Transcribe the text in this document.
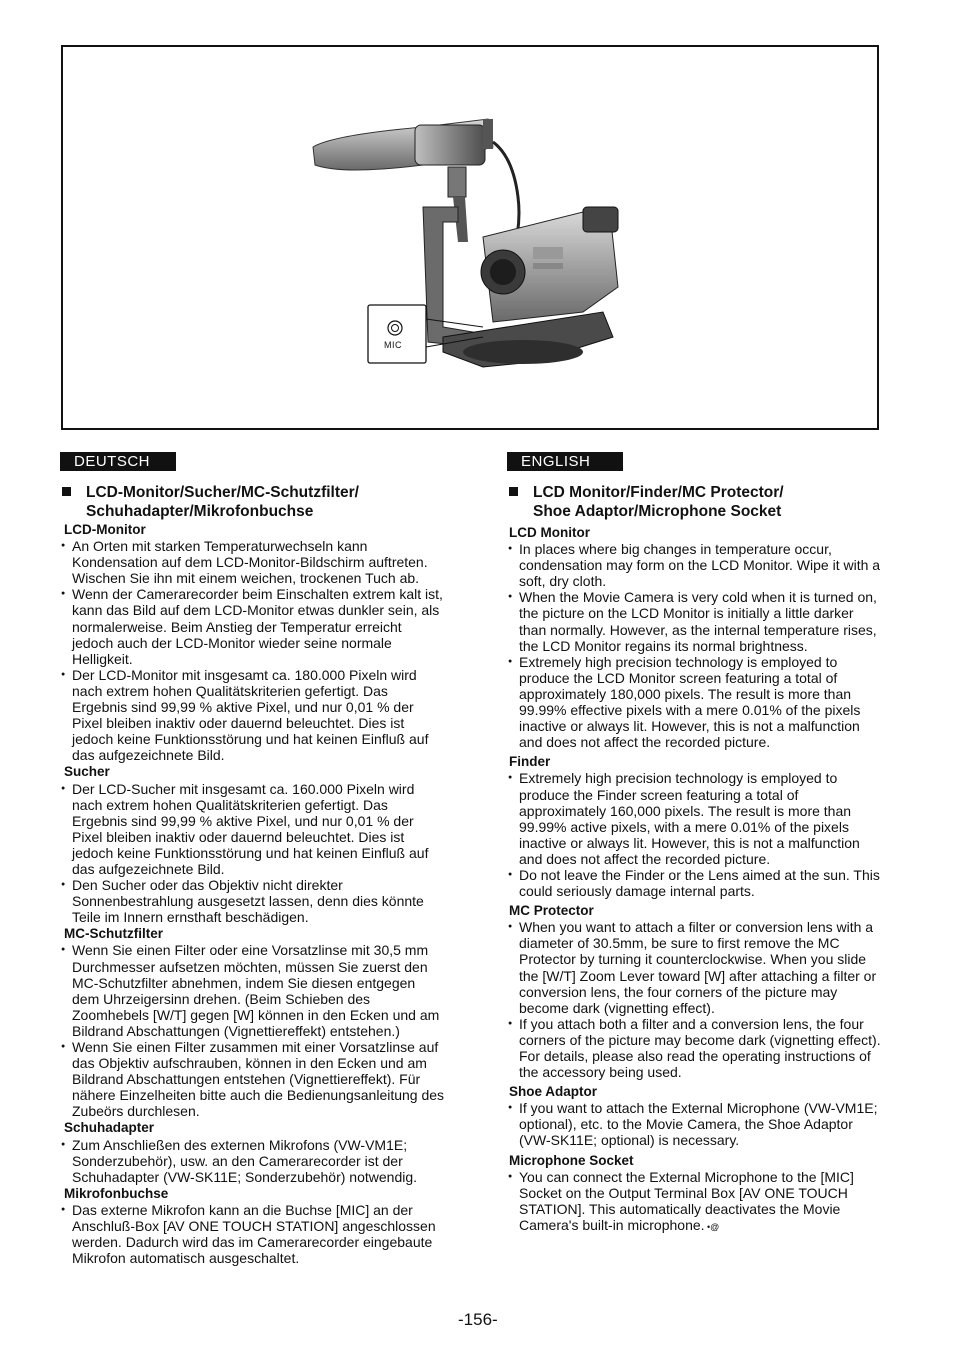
MIC
DEUTSCH
LCD-Monitor/Sucher/MC-Schutzfilter/
Schuhadapter/Mikrofonbuchse
LCD-Monitor
● An Orten mit starken Temperaturwechseln kann Kondensation auf dem LCD-Monitor-Bildschirm auftreten. Wischen Sie ihn mit einem weichen, trockenen Tuch ab.
● Wenn der Camerarecorder beim Einschalten extrem kalt ist, kann das Bild auf dem LCD-Monitor etwas dunkler sein, als normalerweise. Beim Anstieg der Temperatur erreicht jedoch auch der LCD-Monitor wieder seine normale Helligkeit.
● Der LCD-Monitor mit insgesamt ca. 180.000 Pixeln wird nach extrem hohen Qualitätskriterien gefertigt. Das Ergebnis sind 99,99 % aktive Pixel, und nur 0,01 % der Pixel bleiben inaktiv oder dauernd beleuchtet. Dies ist jedoch keine Funktionsstörung und hat keinen Einfluß auf das aufgezeichnete Bild.
Sucher
● Der LCD-Sucher mit insgesamt ca. 160.000 Pixeln wird nach extrem hohen Qualitätskriterien gefertigt. Das Ergebnis sind 99,99 % aktive Pixel, und nur 0,01 % der Pixel bleiben inaktiv oder dauernd beleuchtet. Dies ist jedoch keine Funktionsstörung und hat keinen Einfluß auf das aufgezeichnete Bild.
● Den Sucher oder das Objektiv nicht direkter Sonnenbestrahlung ausgesetzt lassen, denn dies könnte Teile im Innern ernsthaft beschädigen.
MC-Schutzfilter
● Wenn Sie einen Filter oder eine Vorsatzlinse mit 30,5 mm Durchmesser aufsetzen möchten, müssen Sie zuerst den MC-Schutzfilter abnehmen, indem Sie diesen entgegen dem Uhrzeigersinn drehen. (Beim Schieben des Zoomhebels [W/T] gegen [W] können in den Ecken und am Bildrand Abschattungen (Vignettiereffekt) entstehen.)
● Wenn Sie einen Filter zusammen mit einer Vorsatzlinse auf das Objektiv aufschrauben, können in den Ecken und am Bildrand Abschattungen entstehen (Vignettiereffekt). Für nähere Einzelheiten bitte auch die Bedienungsanleitung des Zubeörs durchlesen.
Schuhadapter
● Zum Anschließen des externen Mikrofons (VW-VM1E; Sonderzubehör), usw. an den Camerarecorder ist der Schuhadapter (VW-SK11E; Sonderzubehör) notwendig.
Mikrofonbuchse
● Das externe Mikrofon kann an die Buchse [MIC] an der Anschluß-Box [AV ONE TOUCH STATION] angeschlossen werden. Dadurch wird das im Camerarecorder eingebaute Mikrofon automatisch ausgeschaltet.
ENGLISH
LCD Monitor/Finder/MC Protector/
Shoe Adaptor/Microphone Socket
LCD Monitor
● In places where big changes in temperature occur, condensation may form on the LCD Monitor. Wipe it with a soft, dry cloth.
● When the Movie Camera is very cold when it is turned on, the picture on the LCD Monitor is initially a little darker than normally. However, as the internal temperature rises, the LCD Monitor regains its normal brightness.
● Extremely high precision technology is employed to produce the LCD Monitor screen featuring a total of approximately 180,000 pixels. The result is more than 99.99% effective pixels with a mere 0.01% of the pixels inactive or always lit. However, this is not a malfunction and does not affect the recorded picture.
Finder
● Extremely high precision technology is employed to produce the Finder screen featuring a total of approximately 160,000 pixels. The result is more than 99.99% active pixels, with a mere 0.01% of the pixels inactive or always lit. However, this is not a malfunction and does not affect the recorded picture.
● Do not leave the Finder or the Lens aimed at the sun. This could seriously damage internal parts.
MC Protector
● When you want to attach a filter or conversion lens with a diameter of 30.5mm, be sure to first remove the MC Protector by turning it counterclockwise. When you slide the [W/T] Zoom Lever toward [W] after attaching a filter or conversion lens, the four corners of the picture may become dark (vignetting effect).
● If you attach both a filter and a conversion lens, the four corners of the picture may become dark (vignetting effect). For details, please also read the operating instructions of the accessory being used.
Shoe Adaptor
● If you want to attach the External Microphone (VW-VM1E; optional), etc. to the Movie Camera, the Shoe Adaptor (VW-SK11E; optional) is necessary.
Microphone Socket
● You can connect the External Microphone to the [MIC] Socket on the Output Terminal Box [AV ONE TOUCH STATION]. This automatically deactivates the Movie Camera's built-in microphone. •@
-156-
